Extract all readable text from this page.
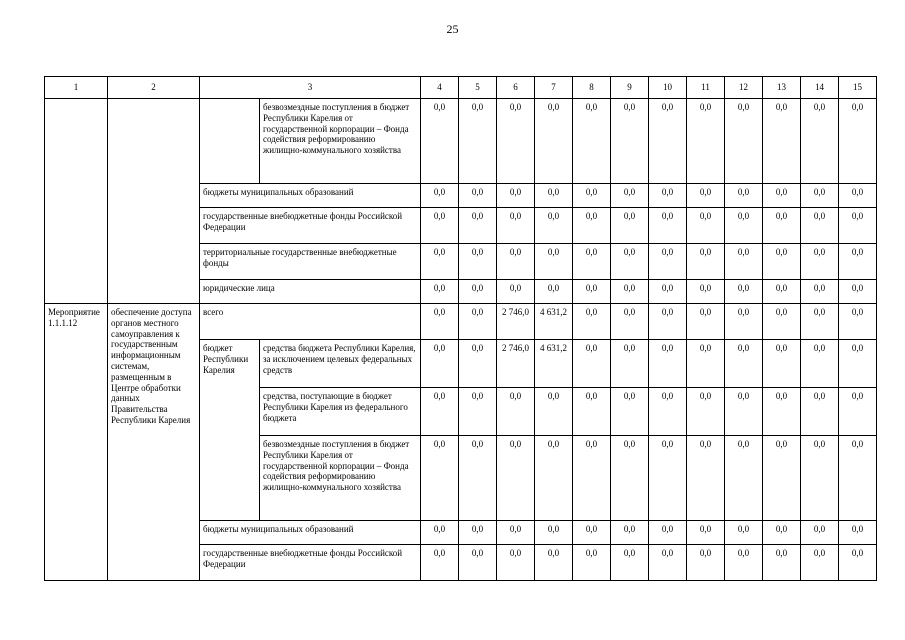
25
1	2	3		4	5	6	7	8	9	10	11	12	13	14	15
			безвозмездные поступления в бюджет Республики Карелия от государственной корпорации – Фонда содействия реформированию жилищно-коммунального хозяйства	0,0	0,0	0,0	0,0	0,0	0,0	0,0	0,0	0,0	0,0	0,0	0,0
		бюджеты муниципальных образований		0,0	0,0	0,0	0,0	0,0	0,0	0,0	0,0	0,0	0,0	0,0	0,0
		государственные внебюджетные фонды Российской Федерации		0,0	0,0	0,0	0,0	0,0	0,0	0,0	0,0	0,0	0,0	0,0	0,0
		территориальные государственные внебюджетные фонды		0,0	0,0	0,0	0,0	0,0	0,0	0,0	0,0	0,0	0,0	0,0	0,0
		юридические лица		0,0	0,0	0,0	0,0	0,0	0,0	0,0	0,0	0,0	0,0	0,0	0,0
Мероприятие 1.1.1.12	обеспечение доступа органов местного самоуправления к государственным информационным системам, размещенным в Центре обработки данных Правительства Республики Карелия	всего		0,0	0,0	2 746,0	4 631,2	0,0	0,0	0,0	0,0	0,0	0,0	0,0	0,0
		бюджет Республики Карелия	средства бюджета Республики Карелия, за исключением целевых федеральных средств	0,0	0,0	2 746,0	4 631,2	0,0	0,0	0,0	0,0	0,0	0,0	0,0	0,0
			средства, поступающие в бюджет Республики Карелия из федерального бюджета	0,0	0,0	0,0	0,0	0,0	0,0	0,0	0,0	0,0	0,0	0,0	0,0
			безвозмездные поступления в бюджет Республики Карелия от государственной корпорации – Фонда содействия реформированию жилищно-коммунального хозяйства	0,0	0,0	0,0	0,0	0,0	0,0	0,0	0,0	0,0	0,0	0,0	0,0
		бюджеты муниципальных образований		0,0	0,0	0,0	0,0	0,0	0,0	0,0	0,0	0,0	0,0	0,0	0,0
		государственные внебюджетные фонды Российской Федерации		0,0	0,0	0,0	0,0	0,0	0,0	0,0	0,0	0,0	0,0	0,0	0,0
